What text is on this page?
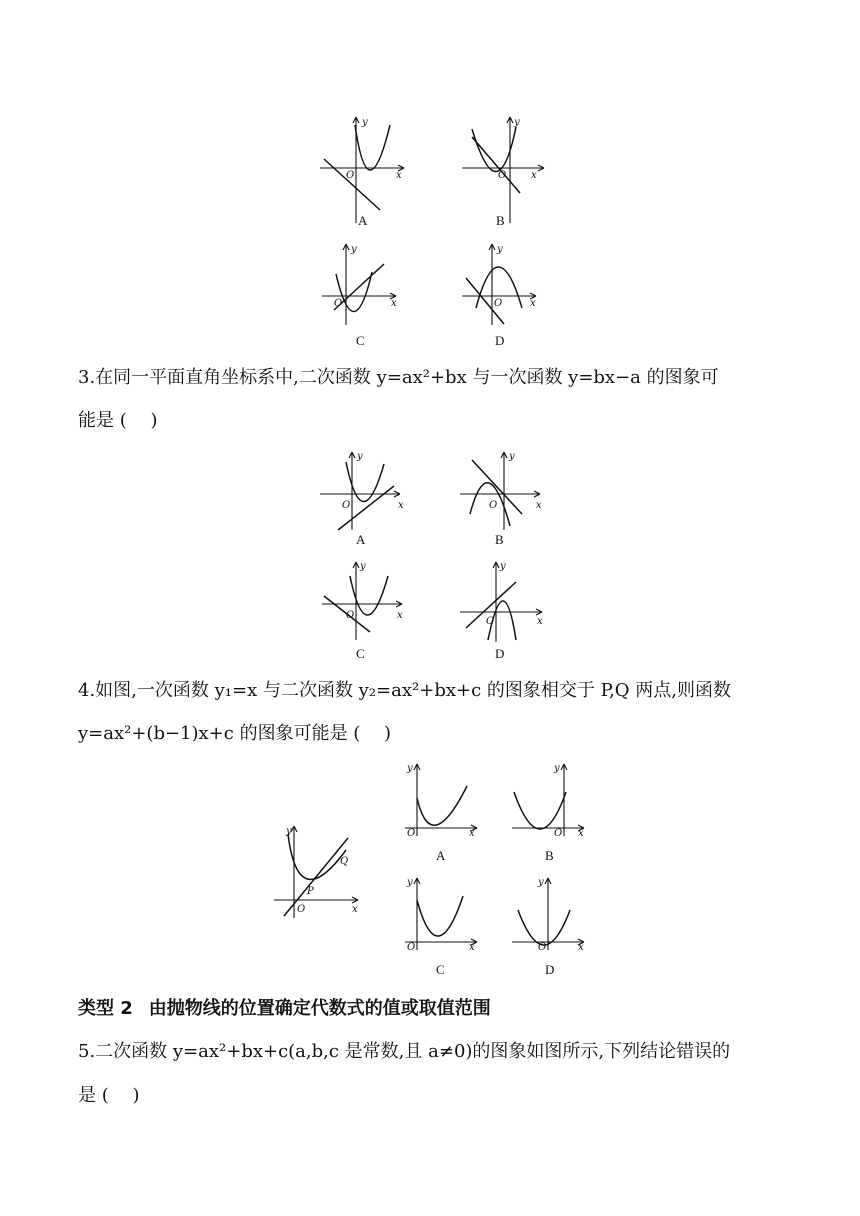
y
x
O
A
y
x
O
B
y
x
O
C
y
x
O
D
3.在同一平面直角坐标系中,二次函数 y=ax²+bx 与一次函数 y=bx−a 的图象可
能是 (  )
y
x
O
A
y
x
O
B
y
x
O
C
y
x
O
D
4.如图,一次函数 y₁=x 与二次函数 y₂=ax²+bx+c 的图象相交于 P,Q 两点,则函数
y=ax²+(b−1)x+c 的图象可能是 (  )
y
x
O
P
Q
y
x
O
A
y
x
O
B
y
x
O
C
y
x
O
D
类型 2 由抛物线的位置确定代数式的值或取值范围
5.二次函数 y=ax²+bx+c(a,b,c 是常数,且 a≠0)的图象如图所示,下列结论错误的
是 (  )
